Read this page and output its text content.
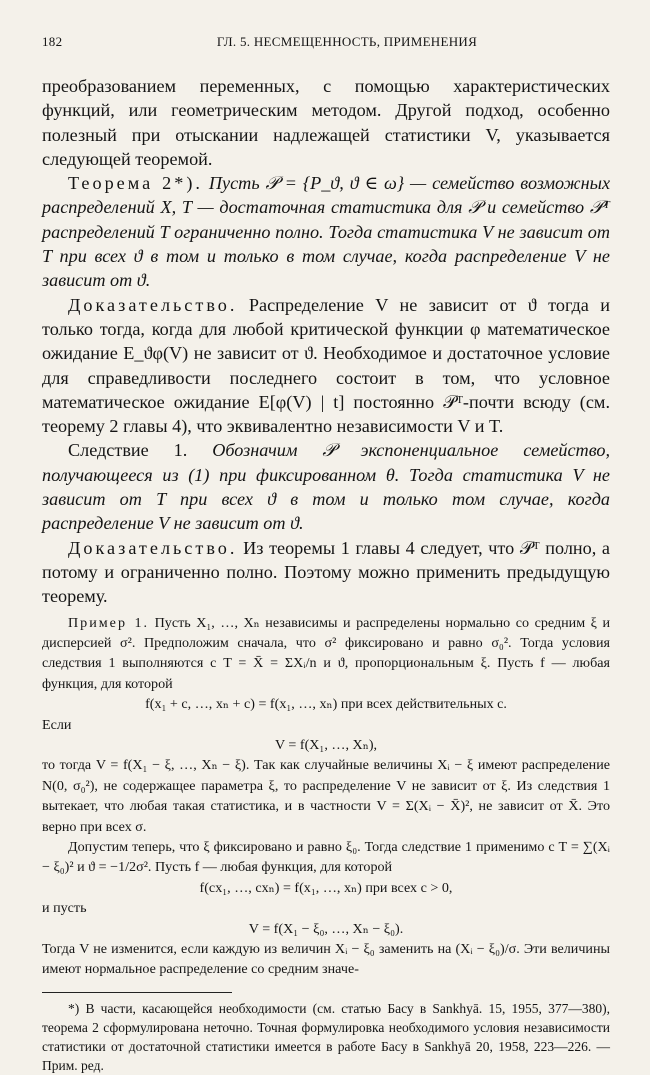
182	ГЛ. 5. НЕСМЕЩЕННОСТЬ, ПРИМЕНЕНИЯ

преобразованием переменных, с помощью характеристических функций, или геометрическим методом. Другой подход, особенно полезный при отыскании надлежащей статистики V, указывается следующей теоремой.

Теорема 2*). Пусть 𝒫 = {P_ϑ, ϑ ∈ ω} — семейство возможных распределений X, T — достаточная статистика для 𝒫 и семейство 𝒫ᵀ распределений T ограниченно полно. Тогда статистика V не зависит от T при всех ϑ в том и только в том случае, когда распределение V не зависит от ϑ.

Доказательство. Распределение V не зависит от ϑ тогда и только тогда, когда для любой критической функции φ математическое ожидание E_ϑφ(V) не зависит от ϑ. Необходимое и достаточное условие для справедливости последнего состоит в том, что условное математическое ожидание E[φ(V) | t] постоянно 𝒫ᵀ-почти всюду (см. теорему 2 главы 4), что эквивалентно независимости V и T.

Следствие 1. Обозначим 𝒫 экспоненциальное семейство, получающееся из (1) при фиксированном θ. Тогда статистика V не зависит от T при всех ϑ в том и только том случае, когда распределение V не зависит от ϑ.

Доказательство. Из теоремы 1 главы 4 следует, что 𝒫ᵀ полно, а потому и ограниченно полно. Поэтому можно применить предыдущую теорему.

Пример 1. Пусть X₁, …, Xₙ независимы и распределены нормально со средним ξ и дисперсией σ². Предположим сначала, что σ² фиксировано и равно σ₀². Тогда условия следствия 1 выполняются с T = X̄ = ΣXᵢ/n и ϑ, пропорциональным ξ. Пусть f — любая функция, для которой

f(x₁ + c, …, xₙ + c) = f(x₁, …, xₙ) при всех действительных c.

Если

V = f(X₁, …, Xₙ),

то тогда V = f(X₁ − ξ, …, Xₙ − ξ). Так как случайные величины Xᵢ − ξ имеют распределение N(0, σ₀²), не содержащее параметра ξ, то распределение V не зависит от ξ. Из следствия 1 вытекает, что любая такая статистика, и в частности V = Σ(Xᵢ − X̄)², не зависит от X̄. Это верно при всех σ.

Допустим теперь, что ξ фиксировано и равно ξ₀. Тогда следствие 1 применимо с T = ∑(Xᵢ − ξ₀)² и ϑ = −1/2σ². Пусть f — любая функция, для которой

f(cx₁, …, cxₙ) = f(x₁, …, xₙ) при всех c > 0,

и пусть

V = f(X₁ − ξ₀, …, Xₙ − ξ₀).

Тогда V не изменится, если каждую из величин Xᵢ − ξ₀ заменить на (Xᵢ − ξ₀)/σ. Эти величины имеют нормальное распределение со средним значе-

*) В части, касающейся необходимости (см. статью Басу в Sankhyā. 15, 1955, 377—380), теорема 2 сформулирована неточно. Точная формулировка необходимого условия независимости статистики от достаточной статистики имеется в работе Басу в Sankhyā 20, 1958, 223—226. — Прим. ред.
